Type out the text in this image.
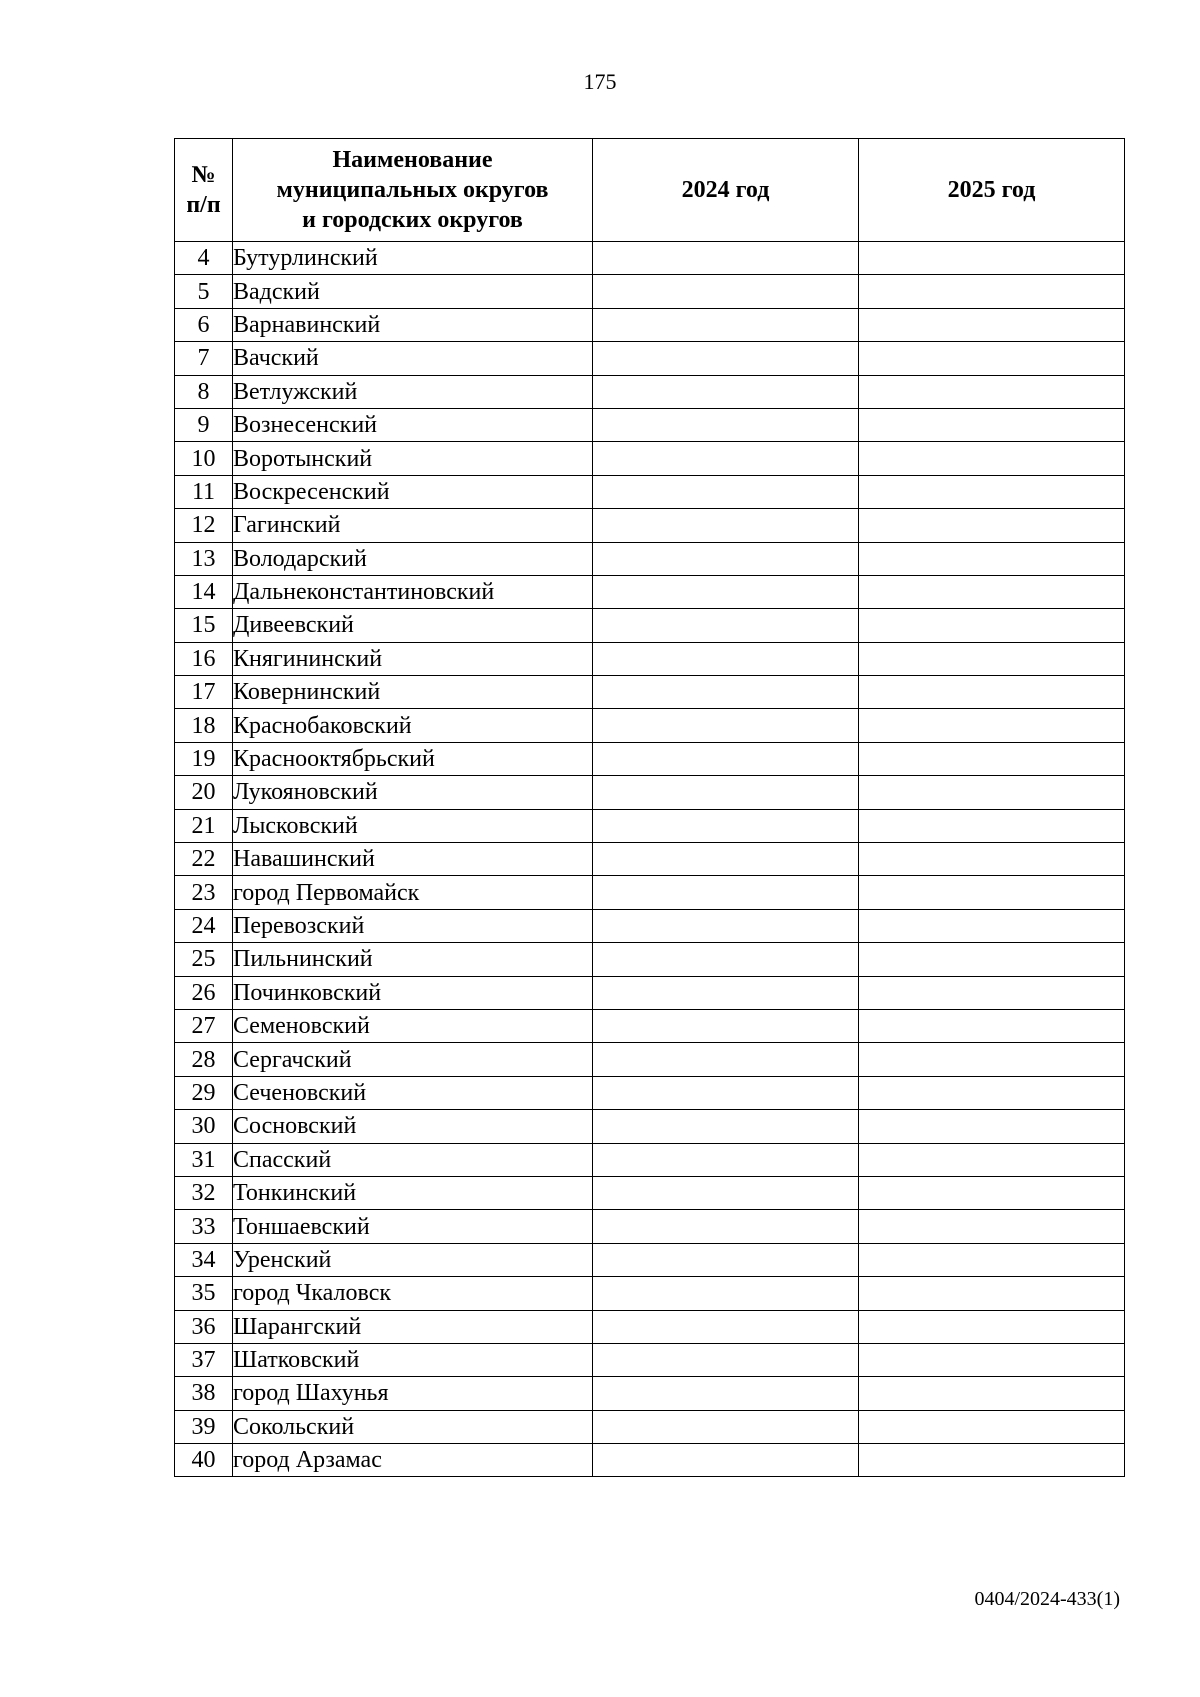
175
№
п/п	Наименование
муниципальных округов
и городских округов	2024 год	2025 год
4	Бутурлинский		
5	Вадский		
6	Варнавинский		
7	Вачский		
8	Ветлужский		
9	Вознесенский		
10	Воротынский		
11	Воскресенский		
12	Гагинский		
13	Володарский		
14	Дальнеконстантиновский		
15	Дивеевский		
16	Княгининский		
17	Ковернинский		
18	Краснобаковский		
19	Краснооктябрьский		
20	Лукояновский		
21	Лысковский		
22	Навашинский		
23	город Первомайск		
24	Перевозский		
25	Пильнинский		
26	Починковский		
27	Семеновский		
28	Сергачский		
29	Сеченовский		
30	Сосновский		
31	Спасский		
32	Тонкинский		
33	Тоншаевский		
34	Уренский		
35	город Чкаловск		
36	Шарангский		
37	Шатковский		
38	город Шахунья		
39	Сокольский		
40	город Арзамас		
0404/2024-433(1)
